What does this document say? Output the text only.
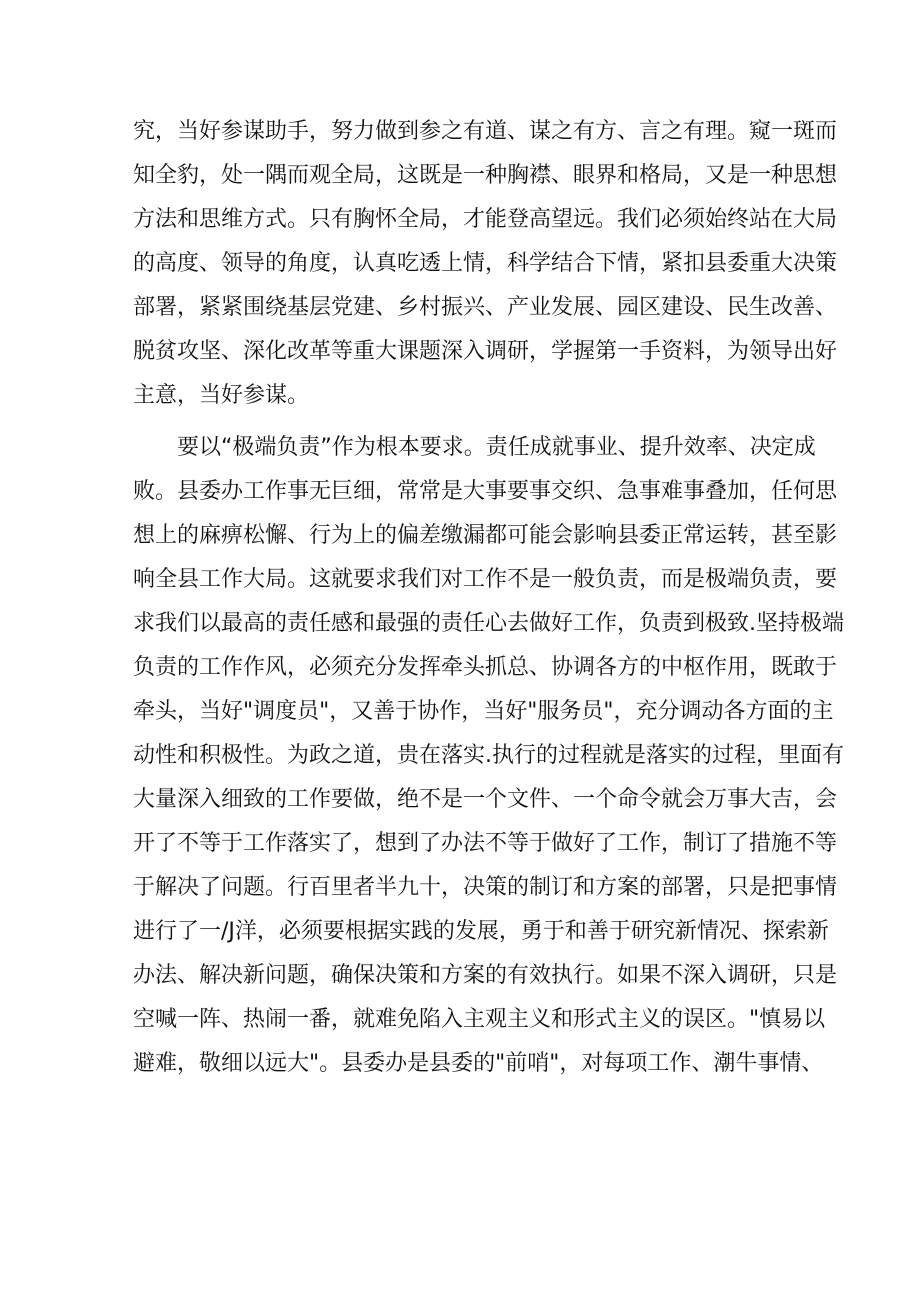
究，当好参谋助手，努力做到参之有道、谋之有方、言之有理。窥一斑而
知全豹，处一隅而观全局，这既是一种胸襟、眼界和格局，又是一种思想
方法和思维方式。只有胸怀全局，才能登高望远。我们必须始终站在大局
的高度、领导的角度，认真吃透上情，科学结合下情，紧扣县委重大决策
部署，紧紧围绕基层党建、乡村振兴、产业发展、园区建设、民生改善、
脱贫攻坚、深化改革等重大课题深入调研，学握第一手资料，为领导出好
主意，当好参谋。
要以“极端负责”作为根本要求。责任成就事业、提升效率、决定成
败。县委办工作事无巨细，常常是大事要事交织、急事难事叠加，任何思
想上的麻痹松懈、行为上的偏差缴漏都可能会影响县委正常运转，甚至影
响全县工作大局。这就要求我们对工作不是一般负责，而是极端负责，要
求我们以最高的责任感和最强的责任心去做好工作，负责到极致.坚持极端
负责的工作作风，必须充分发挥牵头抓总、协调各方的中枢作用，既敢于
牵头，当好"调度员"，又善于协作，当好"服务员"，充分调动各方面的主
动性和积极性。为政之道，贵在落实.执行的过程就是落实的过程，里面有
大量深入细致的工作要做，绝不是一个文件、一个命令就会万事大吉，会
开了不等于工作落实了，想到了办法不等于做好了工作，制订了措施不等
于解决了问题。行百里者半九十，决策的制订和方案的部署，只是把事情
进行了一/J洋，必须要根据实践的发展，勇于和善于研究新情况、探索新
办法、解决新问题，确保决策和方案的有效执行。如果不深入调研，只是
空喊一阵、热闹一番，就难免陷入主观主义和形式主义的误区。"慎易以
避难，敬细以远大"。县委办是县委的"前哨"，对每项工作、潮牛事情、
